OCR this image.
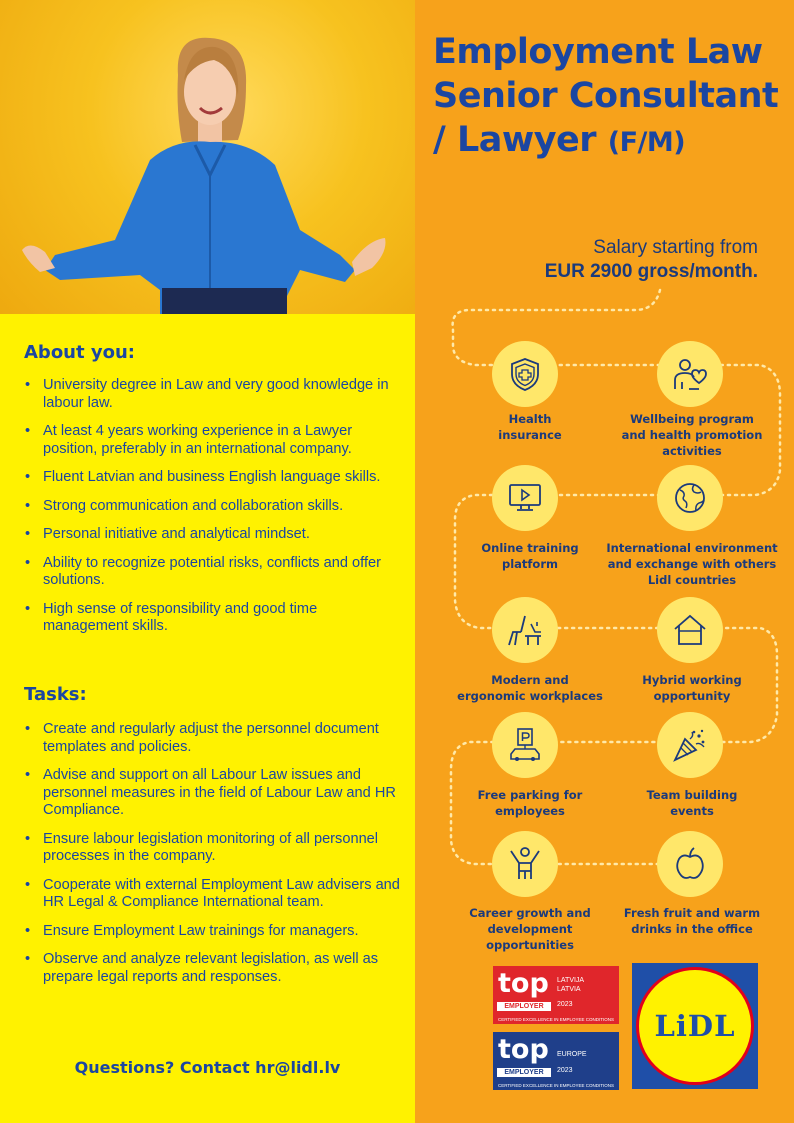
Employment Law
Senior Consultant
/ Lawyer (F/M)
Salary starting from
EUR 2900 gross/month.
About you:
• University degree in Law and very good knowledge in labour law.
• At least 4 years working experience in a Lawyer position, preferably in an international company.
• Fluent Latvian and business English language skills.
• Strong communication and collaboration skills.
• Personal initiative and analytical mindset.
• Ability to recognize potential risks, conflicts and offer solutions.
• High sense of responsibility and good time management skills.
Tasks:
• Create and regularly adjust the personnel document templates and policies.
• Advise and support on all Labour Law issues and personnel measures in the field of Labour Law and HR Compliance.
• Ensure labour legislation monitoring of all personnel processes in the company.
• Cooperate with external Employment Law advisers and HR Legal & Compliance International team.
• Ensure Employment Law trainings for managers.
• Observe and analyze relevant legislation, as well as prepare legal reports and responses.
Questions? Contact hr@lidl.lv
Health
insurance
Wellbeing program
and health promotion
activities
Online training
platform
International environment
and exchange with others
Lidl countries
Modern and
ergonomic workplaces
Hybrid working
opportunity
Free parking for
employees
Team building
events
Career growth and
development
opportunities
Fresh fruit and warm
drinks in the office
top
EMPLOYER
LATVIJA
LATVIA
2023
CERTIFIED EXCELLENCE IN EMPLOYEE CONDITIONS
top
EMPLOYER
EUROPE
2023
CERTIFIED EXCELLENCE IN EMPLOYEE CONDITIONS
LiDL
